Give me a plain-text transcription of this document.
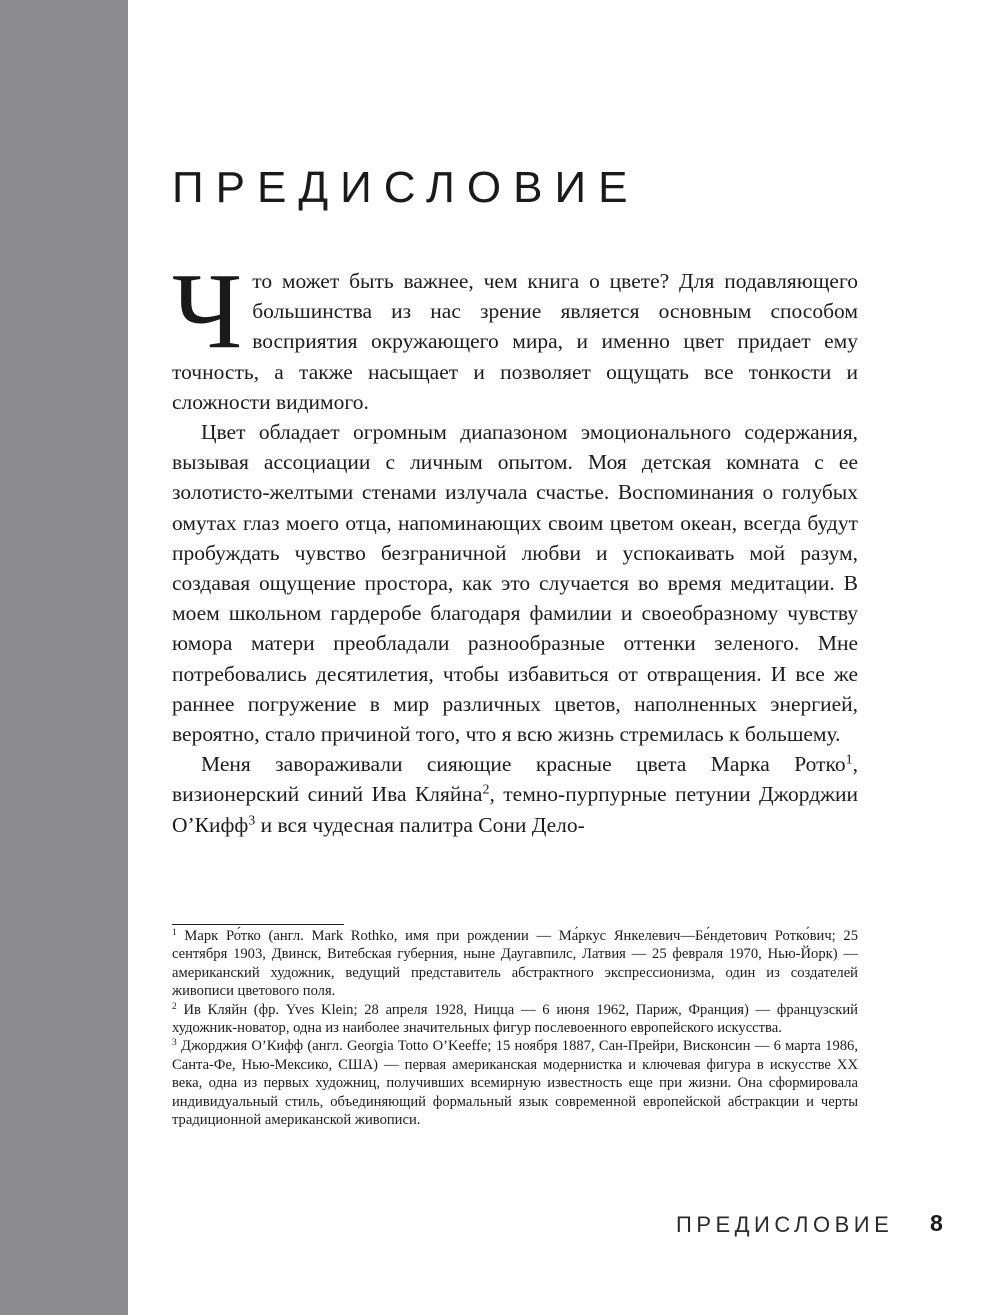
ПРЕДИСЛОВИЕ

Что может быть важнее, чем книга о цвете? Для подавляющего большинства из нас зрение является основным способом восприятия окружающего мира, и именно цвет придает ему точность, а также насыщает и позволяет ощущать все тонкости и сложности видимого.

Цвет обладает огромным диапазоном эмоционального содержания, вызывая ассоциации с личным опытом. Моя детская комната с ее золотисто-желтыми стенами излучала счастье. Воспоминания о голубых омутах глаз моего отца, напоминающих своим цветом океан, всегда будут пробуждать чувство безграничной любви и успокаивать мой разум, создавая ощущение простора, как это случается во время медитации. В моем школьном гардеробе благодаря фамилии и своеобразному чувству юмора матери преобладали разнообразные оттенки зеленого. Мне потребовались десятилетия, чтобы избавиться от отвращения. И все же раннее погружение в мир различных цветов, наполненных энергией, вероятно, стало причиной того, что я всю жизнь стремилась к большему.

Меня завораживали сияющие красные цвета Марка Ротко$^1$, визионерский синий Ива Кляйна$^2$, темно-пурпурные петунии Джорджии О’Кифф$^3$ и вся чудесная палитра Сони Дело-

$^1$ Марк Ро́тко (англ. Mark Rothko, имя при рождении — Ма́ркус Янкелевич—Бе́ндетович Ротко́вич; 25 сентября 1903, Двинск, Витебская губерния, ныне Даугавпилс, Латвия — 25 февраля 1970, Нью-Йорк) — американский художник, ведущий представитель абстрактного экспрессионизма, один из создателей живописи цветового поля.

$^2$ Ив Кляйн (фр. Yves Klein; 28 апреля 1928, Ницца — 6 июня 1962, Париж, Франция) — французский художник-новатор, одна из наиболее значительных фигур послевоенного европейского искусства.

$^3$ Джорджия О’Кифф (англ. Georgia Totto O’Keeffe; 15 ноября 1887, Сан-Прейри, Висконсин — 6 марта 1986, Санта-Фе, Нью-Мексико, США) — первая американская модернистка и ключевая фигура в искусстве XX века, одна из первых художниц, получивших всемирную известность еще при жизни. Она сформировала индивидуальный стиль, объединяющий формальный язык современной европейской абстракции и черты традиционной американской живописи.

ПРЕДИСЛОВИЕ 8
